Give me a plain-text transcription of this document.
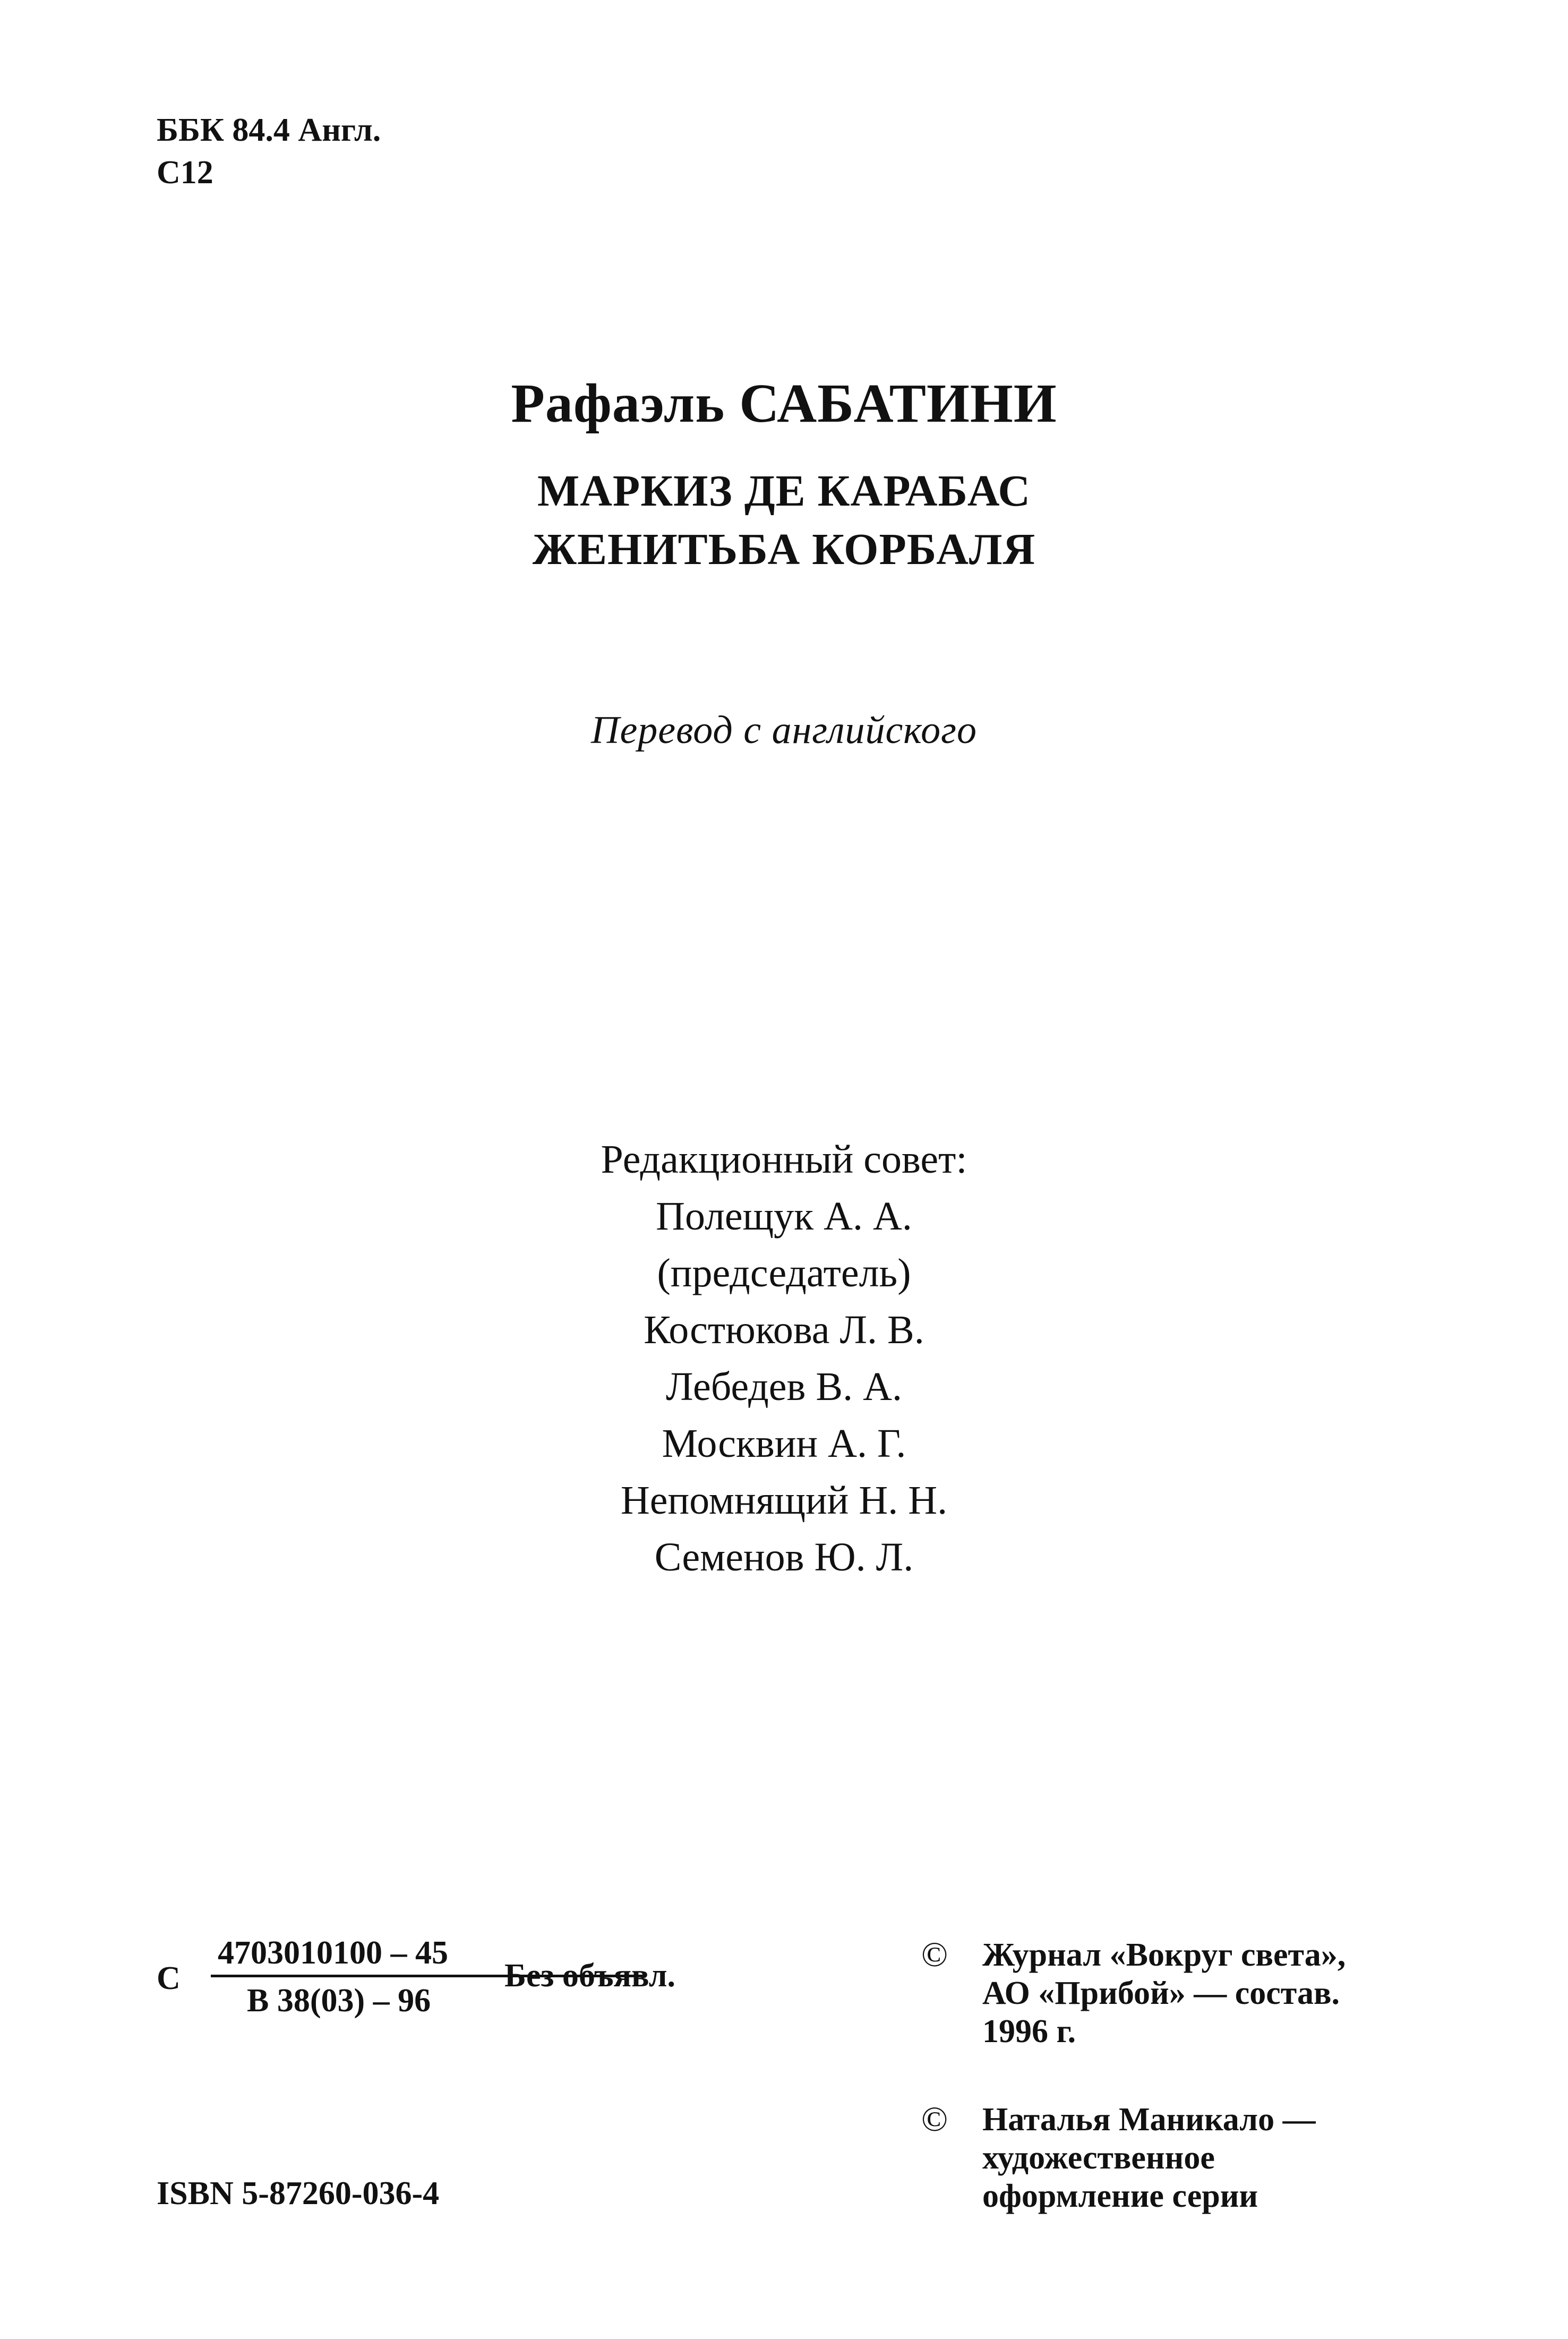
ББК 84.4 Англ.
С12
Рафаэль САБАТИНИ
МАРКИЗ ДЕ КАРАБАС
ЖЕНИТЬБА КОРБАЛЯ
Перевод с английского
Редакционный совет:
Полещук А. А.
(председатель)
Костюкова Л. В.
Лебедев В. А.
Москвин А. Г.
Непомнящий Н. Н.
Семенов Ю. Л.
С
4703010100 – 45
В 38(03) – 96
Без объявл.
ISBN 5-87260-036-4
© Журнал «Вокруг света»,
АО «Прибой» — состав.
1996 г.
© Наталья Маникало —
художественное
оформление серии
